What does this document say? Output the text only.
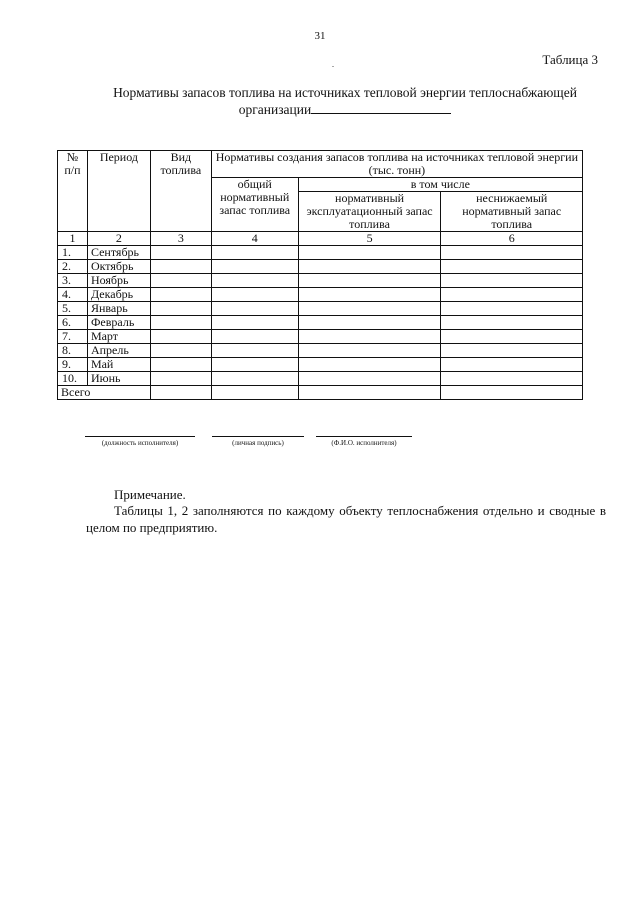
31
.	Таблица 3
Нормативы запасов топлива на источниках тепловой энергии теплоснабжающей
организации
№ п/п	Период	Вид топлива	Нормативы создания запасов топлива на источниках тепловой энергии (тыс. тонн)		
			общий нормативный запас топлива	в том числе	
				нормативный эксплуатационный запас топлива	неснижаемый нормативный запас топлива
1	2	3	4	5	6
1.	Сентябрь				
2.	Октябрь				
3.	Ноябрь				
4.	Декабрь				
5.	Январь				
6.	Февраль				
7.	Март				
8.	Апрель				
9.	Май				
10.	Июнь				
Всего					
(должность исполнителя)	(личная подпись)	(Ф.И.О. исполнителя)
Примечание.
Таблицы 1, 2 заполняются по каждому объекту теплоснабжения отдельно и сводные в целом по предприятию.
